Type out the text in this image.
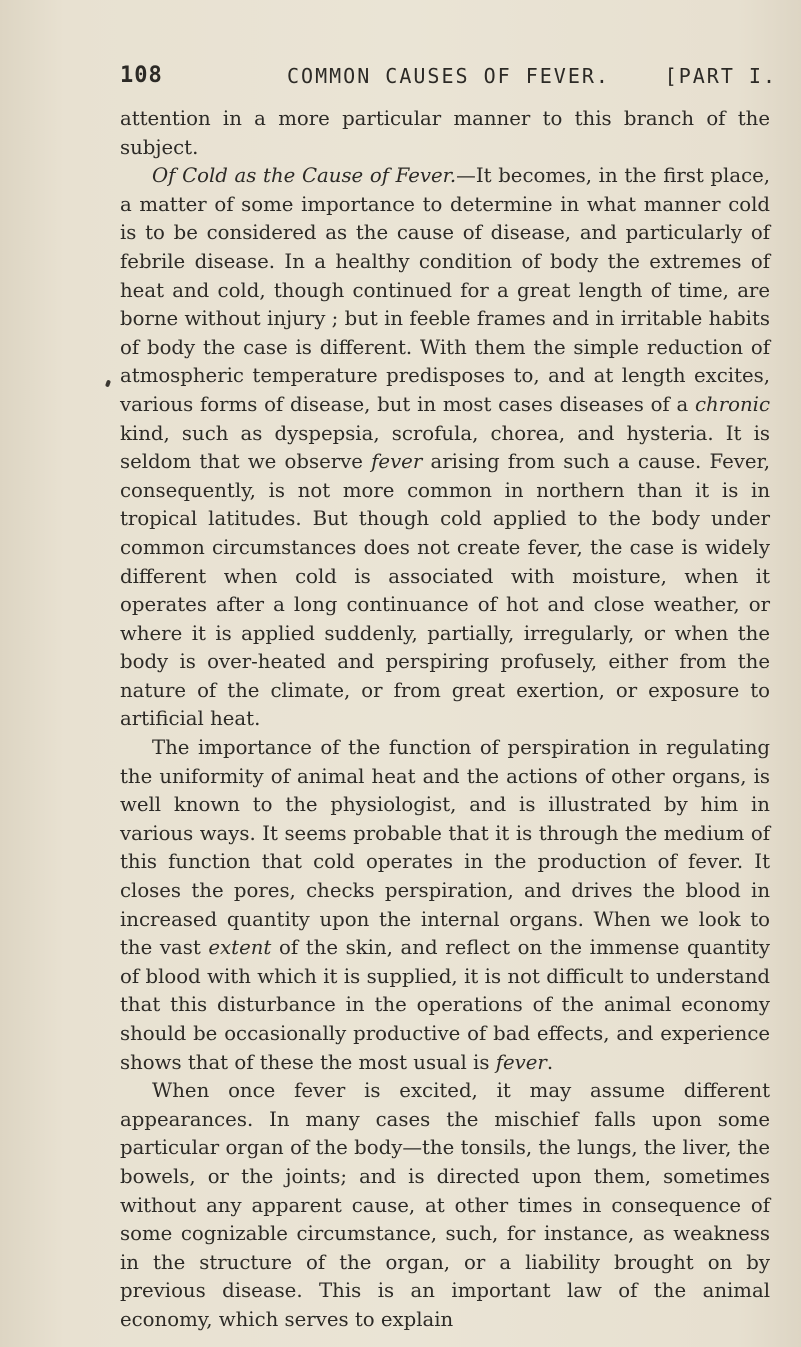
108	COMMON CAUSES OF FEVER.	[PART I.

attention in a more particular manner to this branch of the subject.

Of Cold as the Cause of Fever.—It becomes, in the first place, a matter of some importance to determine in what manner cold is to be considered as the cause of disease, and particularly of febrile disease. In a healthy condition of body the extremes of heat and cold, though continued for a great length of time, are borne without injury ; but in feeble frames and in irritable habits of body the case is different. With them the simple reduction of atmospheric temperature predisposes to, and at length excites, various forms of disease, but in most cases diseases of a chronic kind, such as dyspepsia, scrofula, chorea, and hysteria. It is seldom that we observe fever arising from such a cause. Fever, consequently, is not more common in northern than it is in tropical latitudes. But though cold applied to the body under common circumstances does not create fever, the case is widely different when cold is associated with moisture, when it operates after a long continuance of hot and close weather, or where it is applied suddenly, partially, irregularly, or when the body is over-heated and perspiring profusely, either from the nature of the climate, or from great exertion, or exposure to artificial heat.

The importance of the function of perspiration in regulating the uniformity of animal heat and the actions of other organs, is well known to the physiologist, and is illustrated by him in various ways. It seems probable that it is through the medium of this function that cold operates in the production of fever. It closes the pores, checks perspiration, and drives the blood in increased quantity upon the internal organs. When we look to the vast extent of the skin, and reflect on the immense quantity of blood with which it is supplied, it is not difficult to understand that this disturbance in the operations of the animal economy should be occasionally productive of bad effects, and experience shows that of these the most usual is fever.

When once fever is excited, it may assume different appearances. In many cases the mischief falls upon some particular organ of the body—the tonsils, the lungs, the liver, the bowels, or the joints; and is directed upon them, sometimes without any apparent cause, at other times in consequence of some cognizable circumstance, such, for instance, as weakness in the structure of the organ, or a liability brought on by previous disease. This is an important law of the animal economy, which serves to explain
